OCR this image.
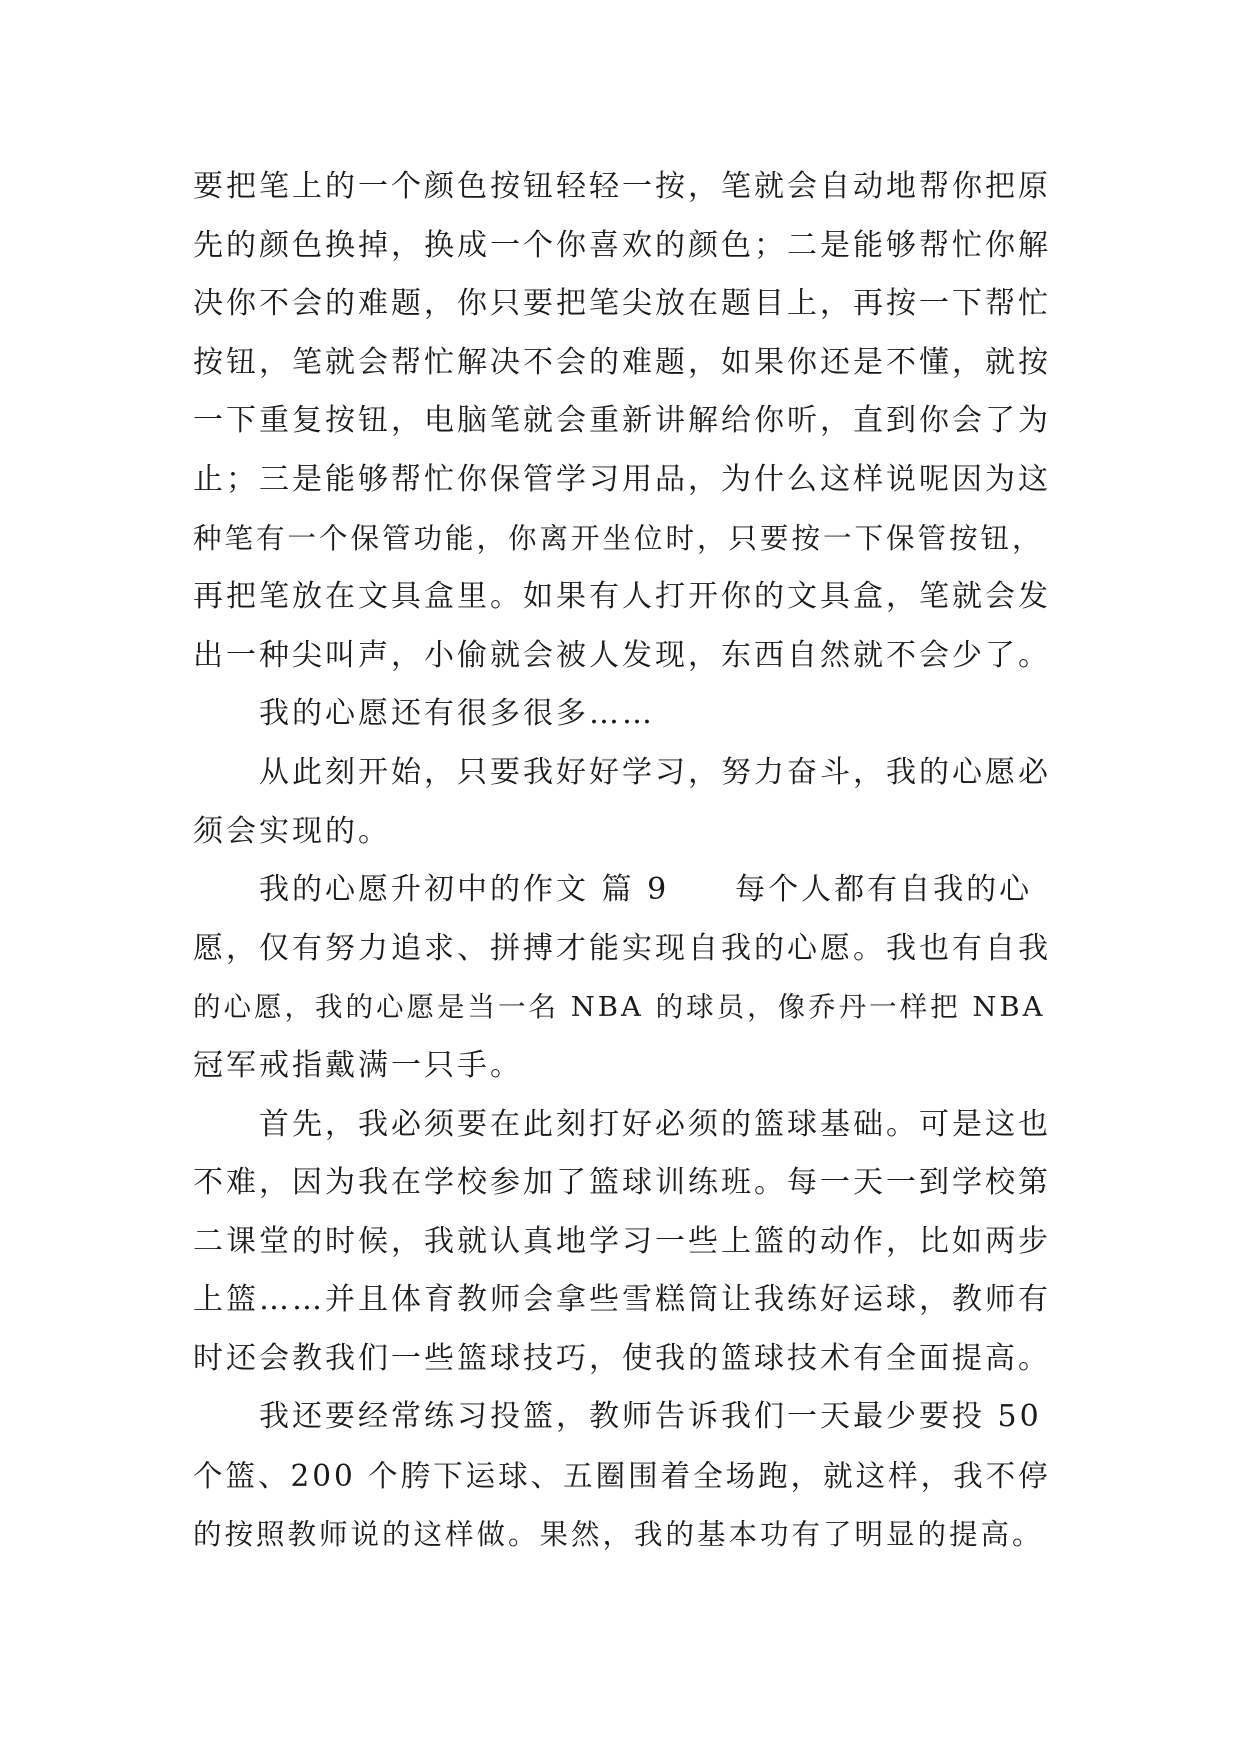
要把笔上的一个颜色按钮轻轻一按，笔就会自动地帮你把原
先的颜色换掉，换成一个你喜欢的颜色；二是能够帮忙你解
决你不会的难题，你只要把笔尖放在题目上，再按一下帮忙
按钮，笔就会帮忙解决不会的难题，如果你还是不懂，就按
一下重复按钮，电脑笔就会重新讲解给你听，直到你会了为
止；三是能够帮忙你保管学习用品，为什么这样说呢因为这
种笔有一个保管功能，你离开坐位时，只要按一下保管按钮，
再把笔放在文具盒里。如果有人打开你的文具盒，笔就会发
出一种尖叫声，小偷就会被人发现，东西自然就不会少了。
我的心愿还有很多很多……
从此刻开始，只要我好好学习，努力奋斗，我的心愿必
须会实现的。
我的心愿升初中的作文 篇 9　　每个人都有自我的心
愿，仅有努力追求、拼搏才能实现自我的心愿。我也有自我
的心愿，我的心愿是当一名 NBA 的球员，像乔丹一样把 NBA
冠军戒指戴满一只手。
首先，我必须要在此刻打好必须的篮球基础。可是这也
不难，因为我在学校参加了篮球训练班。每一天一到学校第
二课堂的时候，我就认真地学习一些上篮的动作，比如两步
上篮……并且体育教师会拿些雪糕筒让我练好运球，教师有
时还会教我们一些篮球技巧，使我的篮球技术有全面提高。
我还要经常练习投篮，教师告诉我们一天最少要投 50
个篮、200 个胯下运球、五圈围着全场跑，就这样，我不停
的按照教师说的这样做。果然，我的基本功有了明显的提高。
